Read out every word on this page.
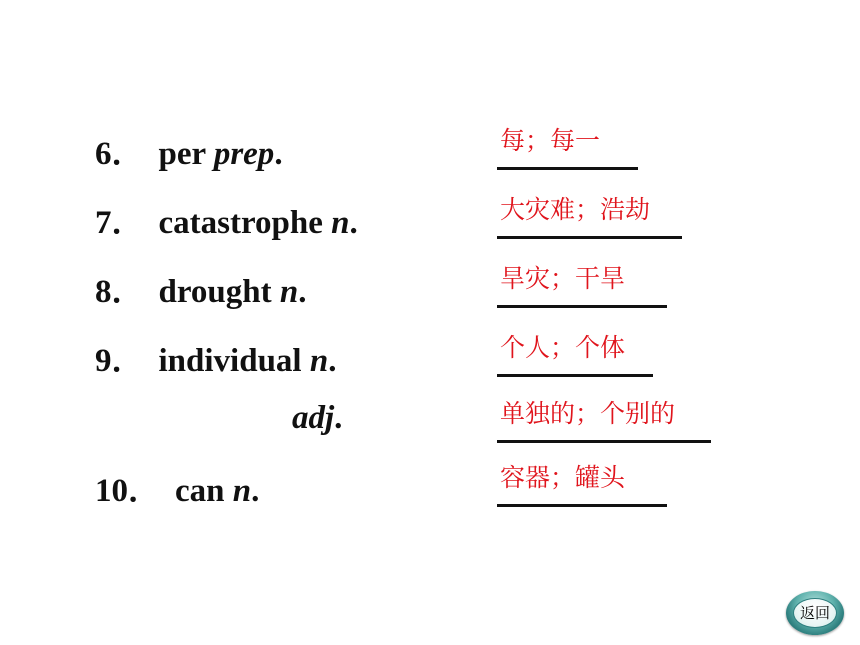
6． per prep.	每；每一
7． catastrophe n.	大灾难；浩劫
8． drought n.	旱灾；干旱
9． individual n.	个人；个体
adj.	单独的；个别的
10． can n.	容器；罐头
返回
